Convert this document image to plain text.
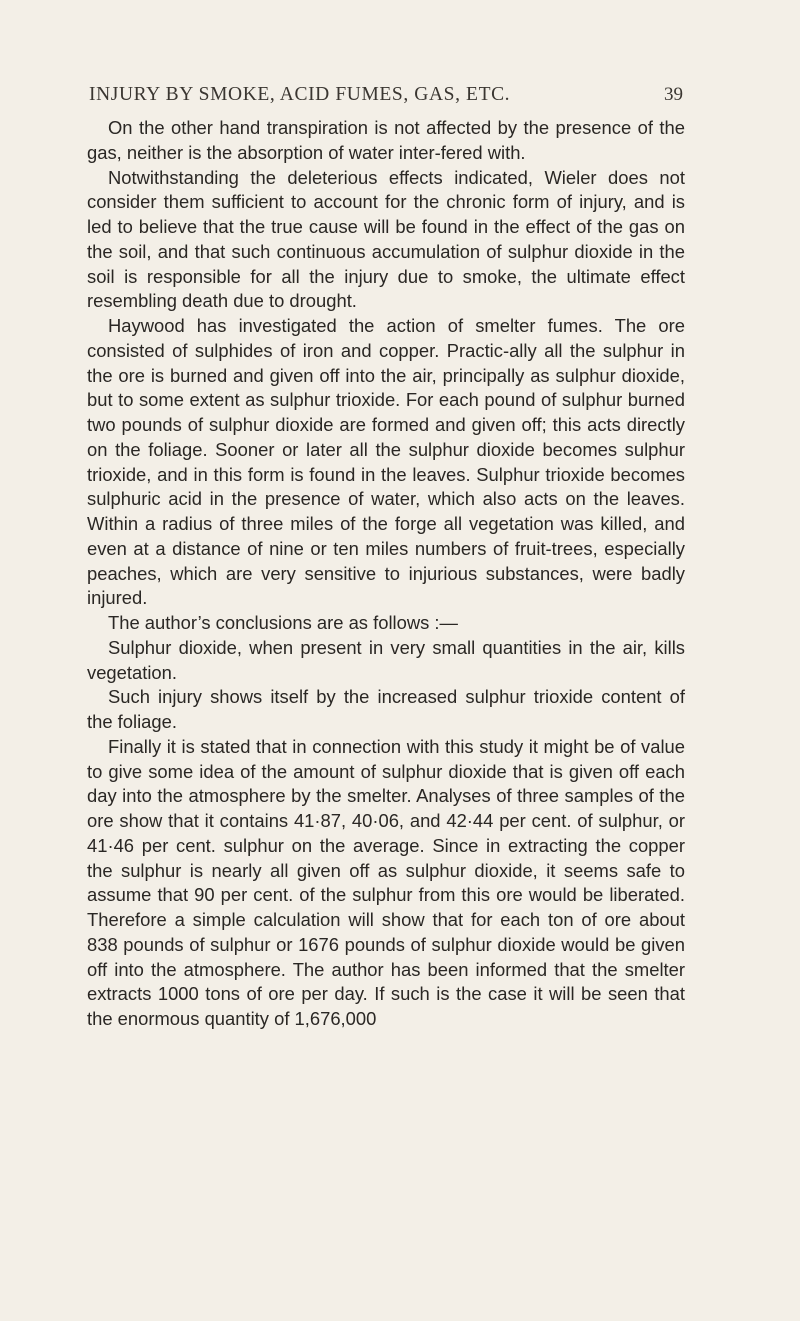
INJURY BY SMOKE, ACID FUMES, GAS, ETC.	39

On the other hand transpiration is not affected by the presence of the gas, neither is the absorption of water inter-fered with.

Notwithstanding the deleterious effects indicated, Wieler does not consider them sufficient to account for the chronic form of injury, and is led to believe that the true cause will be found in the effect of the gas on the soil, and that such continuous accumulation of sulphur dioxide in the soil is responsible for all the injury due to smoke, the ultimate effect resembling death due to drought.

Haywood has investigated the action of smelter fumes. The ore consisted of sulphides of iron and copper. Practic-ally all the sulphur in the ore is burned and given off into the air, principally as sulphur dioxide, but to some extent as sulphur trioxide. For each pound of sulphur burned two pounds of sulphur dioxide are formed and given off; this acts directly on the foliage. Sooner or later all the sulphur dioxide becomes sulphur trioxide, and in this form is found in the leaves. Sulphur trioxide becomes sulphuric acid in the presence of water, which also acts on the leaves. Within a radius of three miles of the forge all vegetation was killed, and even at a distance of nine or ten miles numbers of fruit-trees, especially peaches, which are very sensitive to injurious substances, were badly injured.

The author’s conclusions are as follows :—

Sulphur dioxide, when present in very small quantities in the air, kills vegetation.

Such injury shows itself by the increased sulphur trioxide content of the foliage.

Finally it is stated that in connection with this study it might be of value to give some idea of the amount of sulphur dioxide that is given off each day into the atmosphere by the smelter. Analyses of three samples of the ore show that it contains 41·87, 40·06, and 42·44 per cent. of sulphur, or 41·46 per cent. sulphur on the average. Since in extracting the copper the sulphur is nearly all given off as sulphur dioxide, it seems safe to assume that 90 per cent. of the sulphur from this ore would be liberated. Therefore a simple calculation will show that for each ton of ore about 838 pounds of sulphur or 1676 pounds of sulphur dioxide would be given off into the atmosphere. The author has been informed that the smelter extracts 1000 tons of ore per day. If such is the case it will be seen that the enormous quantity of 1,676,000
